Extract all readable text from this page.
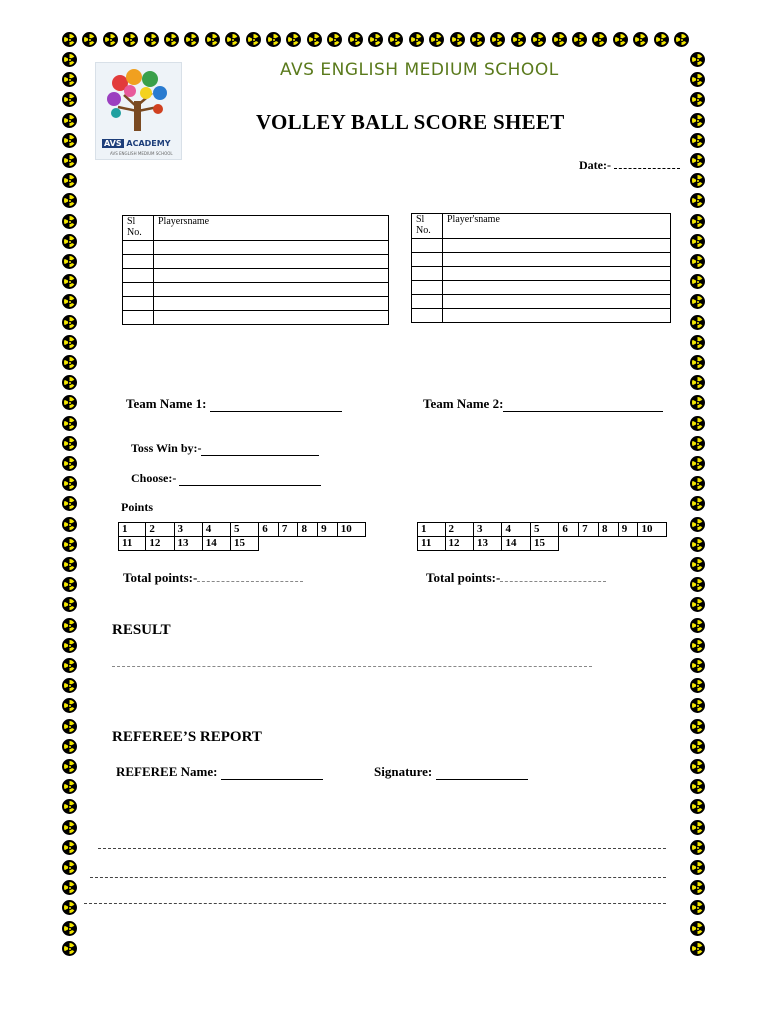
AVS ACADEMY
AVS ENGLISH MEDIUM SCHOOL
AVS ENGLISH MEDIUM SCHOOL
VOLLEY BALL SCORE SHEET
Date:-
Sl No.	Playersname

		Sl No.	Player'sname

Team Name 1:	Team Name 2:
Toss Win by:-
Choose:-
Points
1	2	3	4	5	6	7	8	9	10
11	12	13	14	15					
1	2	3	4	5	6	7	8	9	10
11	12	13	14	15					
Total points:-	Total points:-
RESULT
REFEREE’S REPORT
REFEREE Name:	Signature:
